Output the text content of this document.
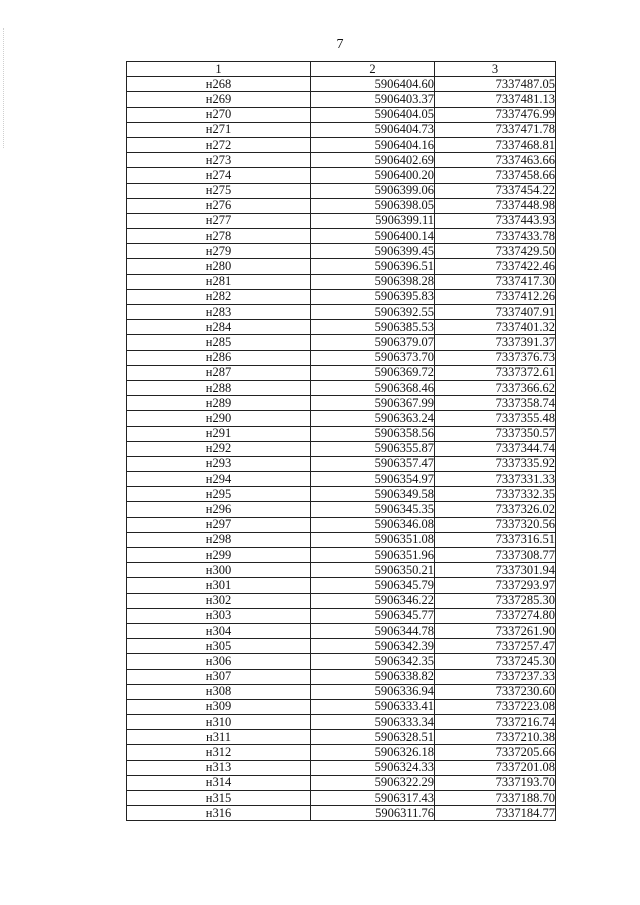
7
1	2	3
н268	5906404.60	7337487.05
н269	5906403.37	7337481.13
н270	5906404.05	7337476.99
н271	5906404.73	7337471.78
н272	5906404.16	7337468.81
н273	5906402.69	7337463.66
н274	5906400.20	7337458.66
н275	5906399.06	7337454.22
н276	5906398.05	7337448.98
н277	5906399.11	7337443.93
н278	5906400.14	7337433.78
н279	5906399.45	7337429.50
н280	5906396.51	7337422.46
н281	5906398.28	7337417.30
н282	5906395.83	7337412.26
н283	5906392.55	7337407.91
н284	5906385.53	7337401.32
н285	5906379.07	7337391.37
н286	5906373.70	7337376.73
н287	5906369.72	7337372.61
н288	5906368.46	7337366.62
н289	5906367.99	7337358.74
н290	5906363.24	7337355.48
н291	5906358.56	7337350.57
н292	5906355.87	7337344.74
н293	5906357.47	7337335.92
н294	5906354.97	7337331.33
н295	5906349.58	7337332.35
н296	5906345.35	7337326.02
н297	5906346.08	7337320.56
н298	5906351.08	7337316.51
н299	5906351.96	7337308.77
н300	5906350.21	7337301.94
н301	5906345.79	7337293.97
н302	5906346.22	7337285.30
н303	5906345.77	7337274.80
н304	5906344.78	7337261.90
н305	5906342.39	7337257.47
н306	5906342.35	7337245.30
н307	5906338.82	7337237.33
н308	5906336.94	7337230.60
н309	5906333.41	7337223.08
н310	5906333.34	7337216.74
н311	5906328.51	7337210.38
н312	5906326.18	7337205.66
н313	5906324.33	7337201.08
н314	5906322.29	7337193.70
н315	5906317.43	7337188.70
н316	5906311.76	7337184.77
